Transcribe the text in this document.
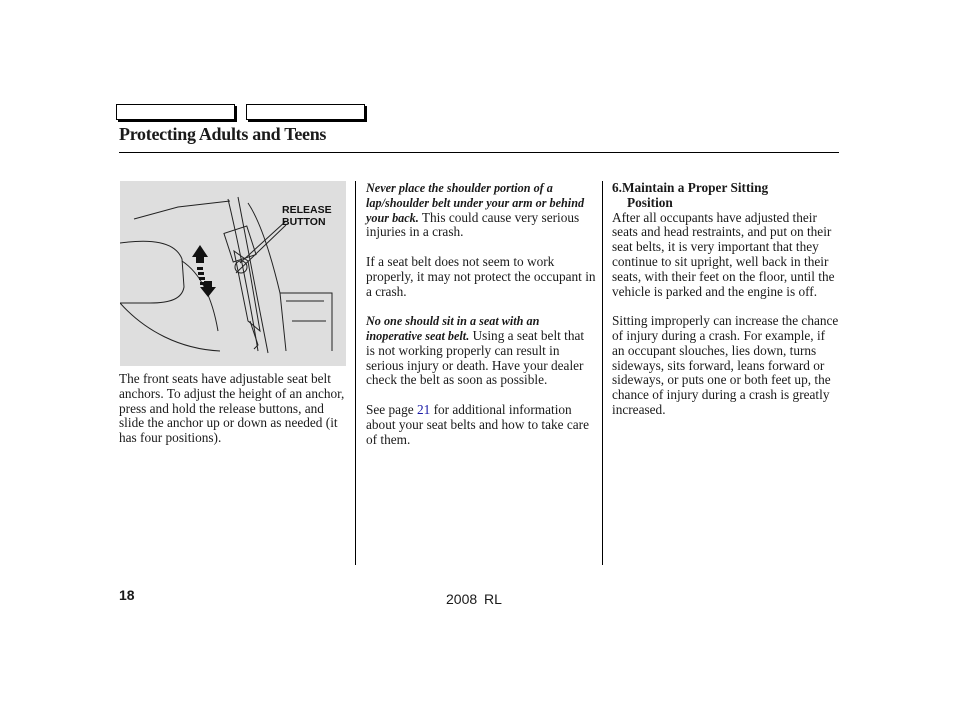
Protecting Adults and Teens
RELEASE
BUTTON

The front seats have adjustable seat belt anchors. To adjust the height of an anchor, press and hold the release buttons, and slide the anchor up or down as needed (it has four positions).

Never place the shoulder portion of a lap/shoulder belt under your arm or behind your back. This could cause very serious injuries in a crash.

If a seat belt does not seem to work properly, it may not protect the occupant in a crash.

No one should sit in a seat with an inoperative seat belt. Using a seat belt that is not working properly can result in serious injury or death. Have your dealer check the belt as soon as possible.

See page 21 for additional information about your seat belts and how to take care of them.

6.Maintain a Proper Sitting
Position

After all occupants have adjusted their seats and head restraints, and put on their seat belts, it is very important that they continue to sit upright, well back in their seats, with their feet on the floor, until the vehicle is parked and the engine is off.

Sitting improperly can increase the chance of injury during a crash. For example, if an occupant slouches, lies down, turns sideways, sits forward, leans forward or sideways, or puts one or both feet up, the chance of injury during a crash is greatly increased.

18	2008 RL
